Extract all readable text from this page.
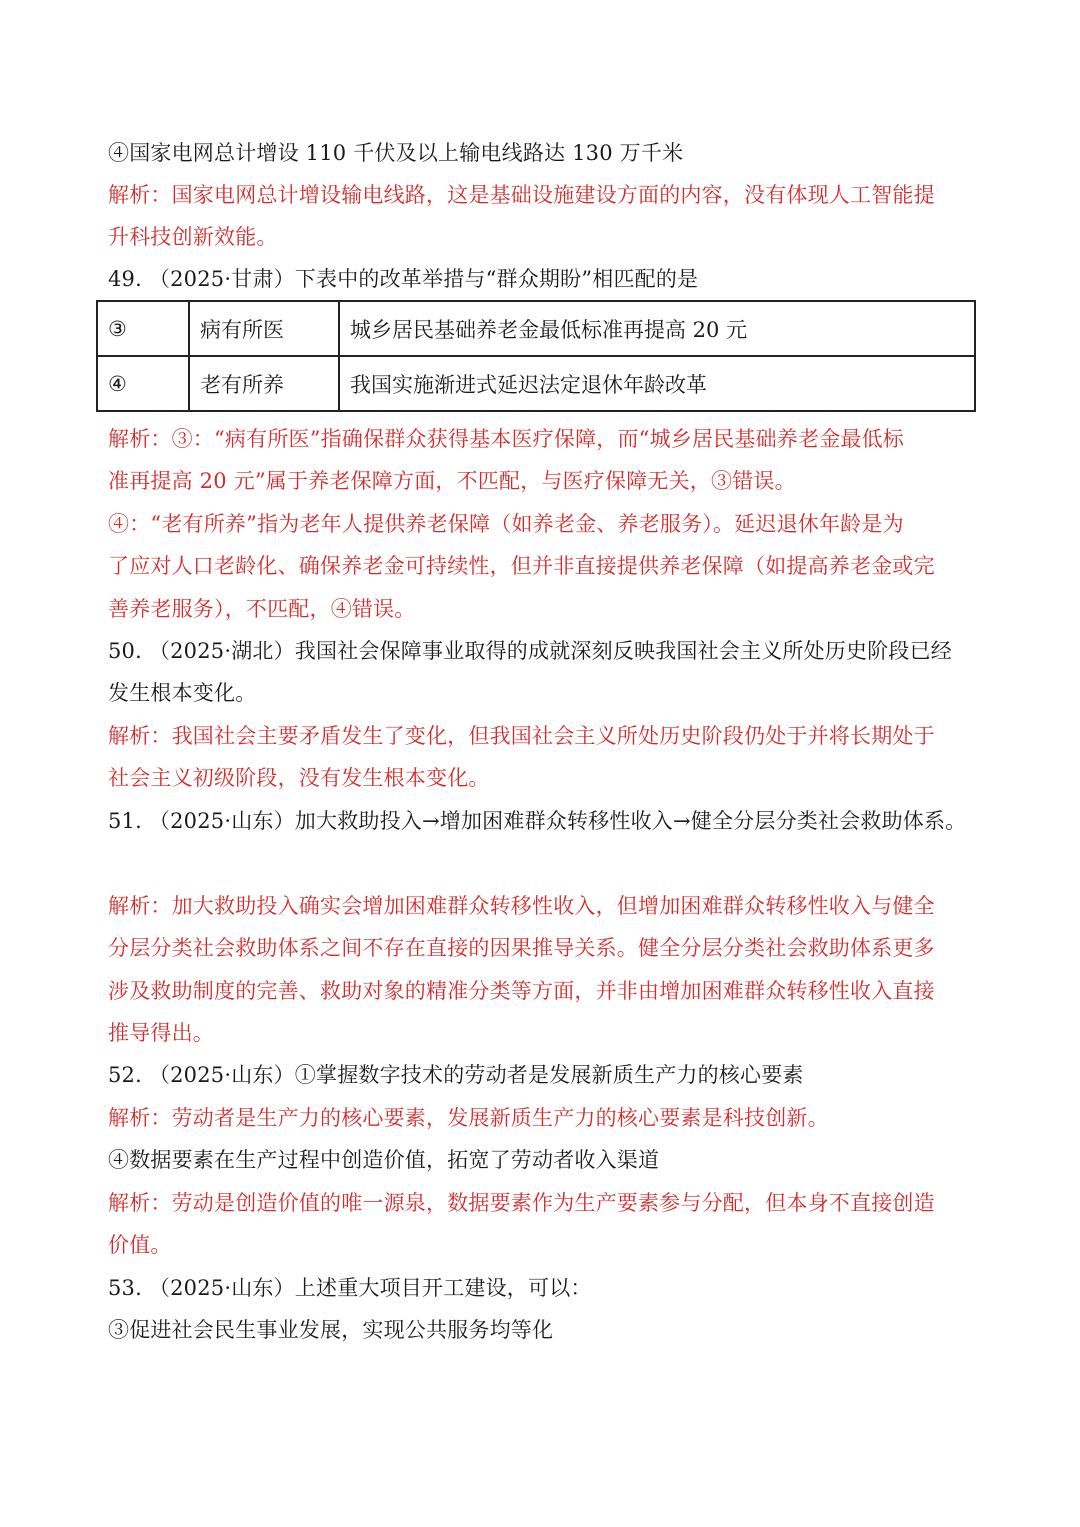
④国家电网总计增设 110 千伏及以上输电线路达 130 万千米
解析：国家电网总计增设输电线路，这是基础设施建设方面的内容，没有体现人工智能提
升科技创新效能。
49. （2025·甘肃）下表中的改革举措与“群众期盼”相匹配的是
③	病有所医	城乡居民基础养老金最低标准再提高 20 元
④	老有所养	我国实施渐进式延迟法定退休年龄改革
解析：③：“病有所医”指确保群众获得基本医疗保障，而“城乡居民基础养老金最低标
准再提高 20 元”属于养老保障方面，不匹配，与医疗保障无关，③错误。
④：“老有所养”指为老年人提供养老保障（如养老金、养老服务）。延迟退休年龄是为
了应对人口老龄化、确保养老金可持续性，但并非直接提供养老保障（如提高养老金或完
善养老服务），不匹配，④错误。
50. （2025·湖北）我国社会保障事业取得的成就深刻反映我国社会主义所处历史阶段已经
发生根本变化。
解析：我国社会主要矛盾发生了变化，但我国社会主义所处历史阶段仍处于并将长期处于
社会主义初级阶段，没有发生根本变化。
51. （2025·山东）加大救助投入→增加困难群众转移性收入→健全分层分类社会救助体系。
解析：加大救助投入确实会增加困难群众转移性收入，但增加困难群众转移性收入与健全
分层分类社会救助体系之间不存在直接的因果推导关系。健全分层分类社会救助体系更多
涉及救助制度的完善、救助对象的精准分类等方面，并非由增加困难群众转移性收入直接
推导得出。
52. （2025·山东）①掌握数字技术的劳动者是发展新质生产力的核心要素
解析：劳动者是生产力的核心要素，发展新质生产力的核心要素是科技创新。
④数据要素在生产过程中创造价值，拓宽了劳动者收入渠道
解析：劳动是创造价值的唯一源泉，数据要素作为生产要素参与分配，但本身不直接创造
价值。
53. （2025·山东）上述重大项目开工建设，可以：
③促进社会民生事业发展，实现公共服务均等化
